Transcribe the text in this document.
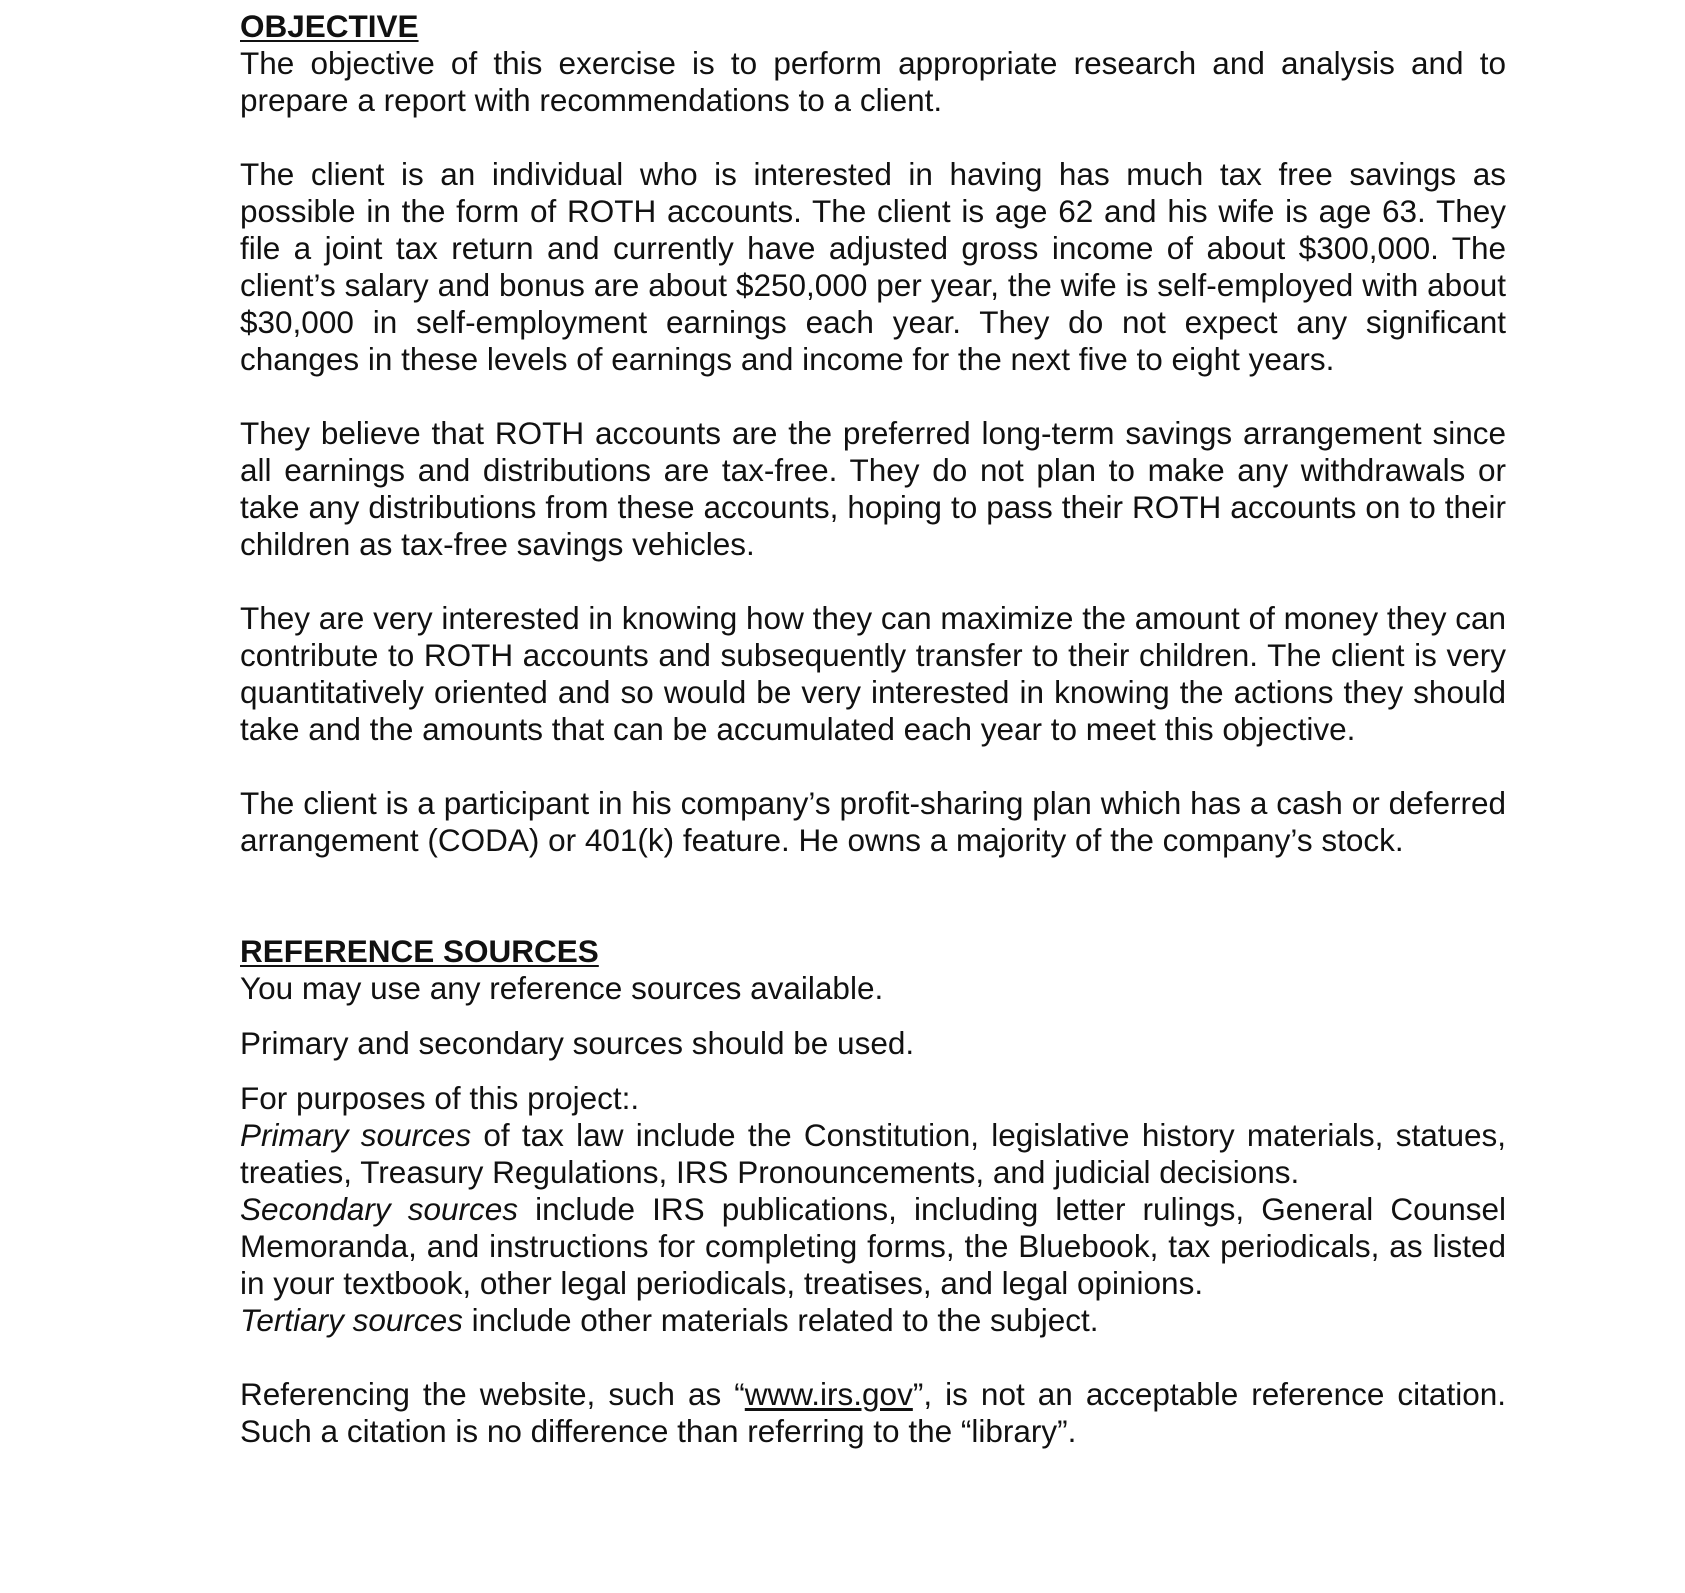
OBJECTIVE

The objective of this exercise is to perform appropriate research and analysis and to prepare a report with recommendations to a client.

The client is an individual who is interested in having has much tax free savings as possible in the form of ROTH accounts. The client is age 62 and his wife is age 63. They file a joint tax return and currently have adjusted gross income of about $300,000. The client’s salary and bonus are about $250,000 per year, the wife is self-employed with about $30,000 in self-employment earnings each year. They do not expect any significant changes in these levels of earnings and income for the next five to eight years.

They believe that ROTH accounts are the preferred long-term savings arrangement since all earnings and distributions are tax-free. They do not plan to make any withdrawals or take any distributions from these accounts, hoping to pass their ROTH accounts on to their children as tax-free savings vehicles.

They are very interested in knowing how they can maximize the amount of money they can contribute to ROTH accounts and subsequently transfer to their children. The client is very quantitatively oriented and so would be very interested in knowing the actions they should take and the amounts that can be accumulated each year to meet this objective.

The client is a participant in his company’s profit-sharing plan which has a cash or deferred arrangement (CODA) or 401(k) feature. He owns a majority of the company’s stock.

REFERENCE SOURCES

You may use any reference sources available.

Primary and secondary sources should be used.

For purposes of this project:.

Primary sources of tax law include the Constitution, legislative history materials, statues, treaties, Treasury Regulations, IRS Pronouncements, and judicial decisions.

Secondary sources include IRS publications, including letter rulings, General Counsel Memoranda, and instructions for completing forms, the Bluebook, tax periodicals, as listed in your textbook, other legal periodicals, treatises, and legal opinions.

Tertiary sources include other materials related to the subject.

Referencing the website, such as “www.irs.gov”, is not an acceptable reference citation. Such a citation is no difference than referring to the “library”.
